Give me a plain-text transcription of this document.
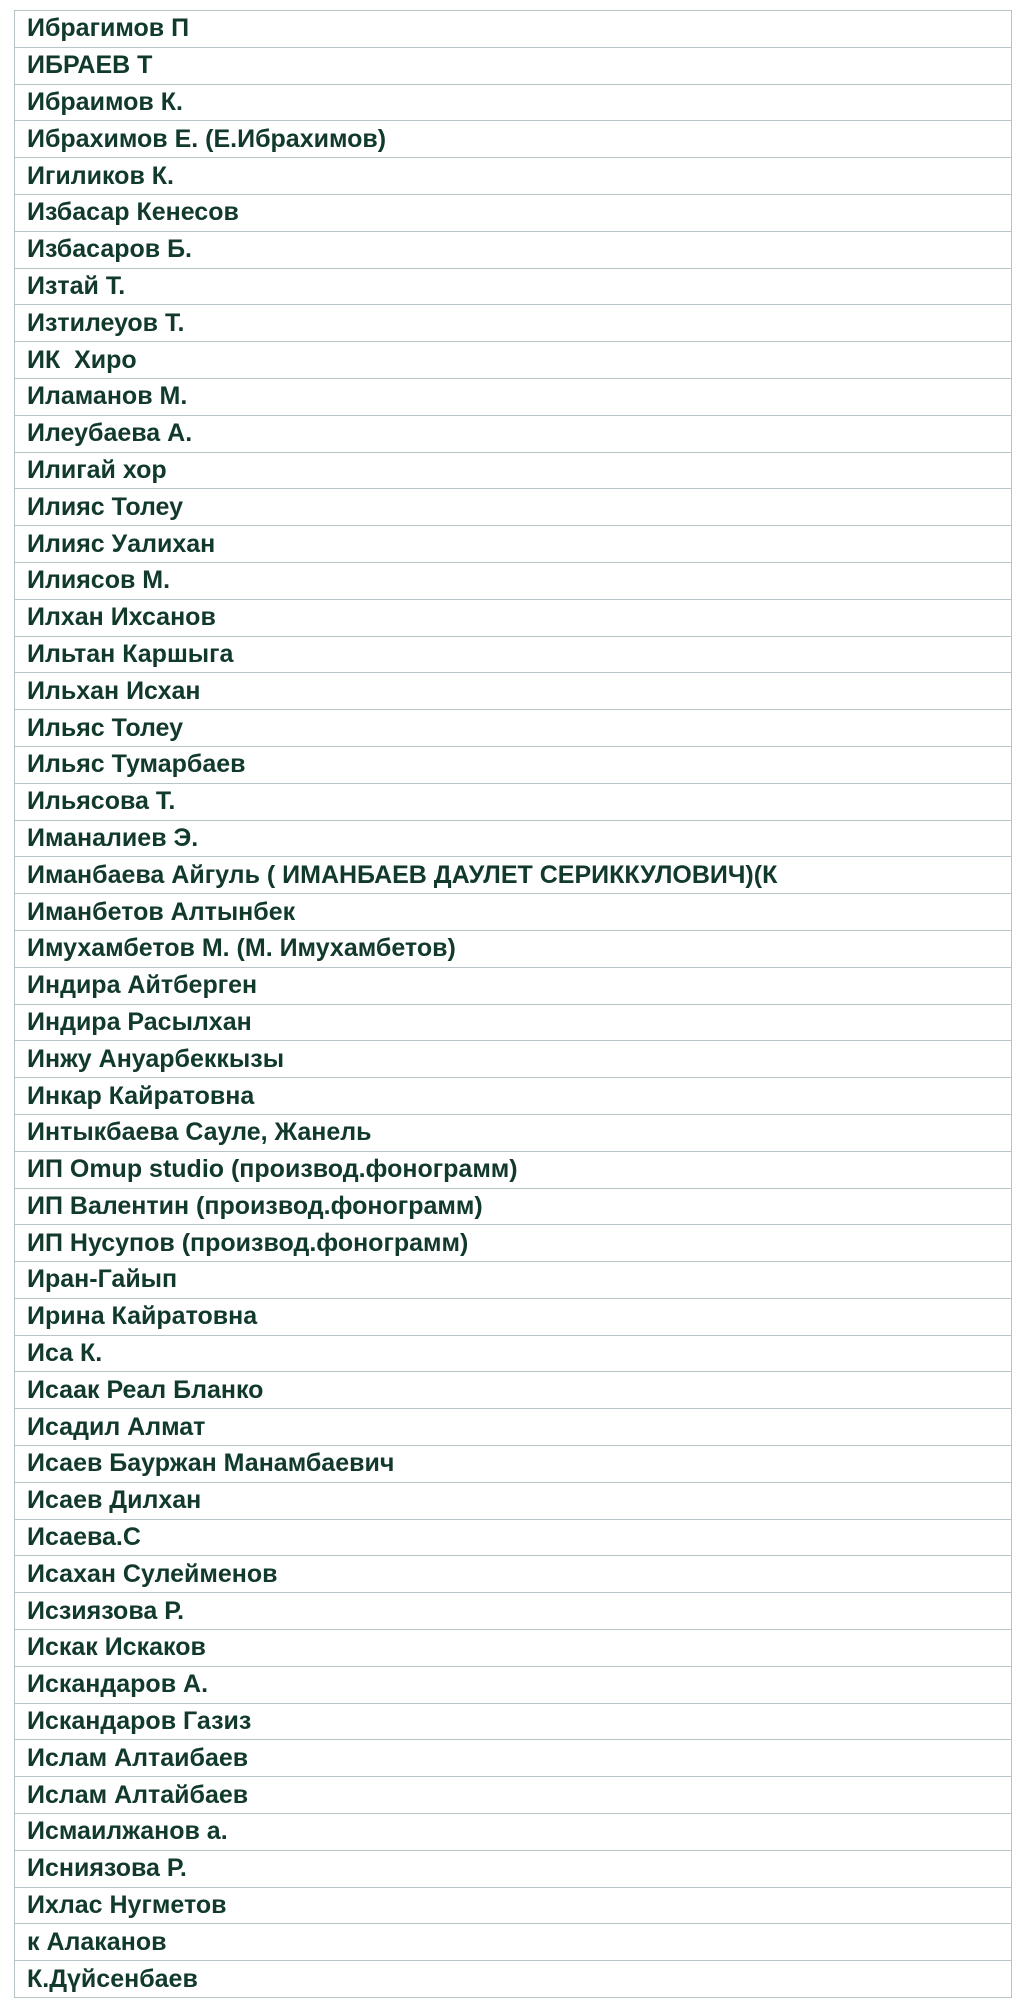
Ибрагимов П
ИБРАЕВ Т
Ибраимов К.
Ибрахимов Е. (Е.Ибрахимов)
Игиликов К.
Избасар Кенесов
Избасаров Б.
Изтай Т.
Изтилеуов Т.
ИК  Хиро
Иламанов М.
Илеубаева А.
Илигай хор
Илияс Толеу
Илияс Уалихан
Илиясов М.
Илхан Ихсанов
Ильтан Каршыга
Ильхан Исхан
Ильяс Толеу
Ильяс Тумарбаев
Ильясова Т.
Иманалиев Э.
Иманбаева Айгуль ( ИМАНБАЕВ ДАУЛЕТ СЕРИККУЛОВИЧ)(К
Иманбетов Алтынбек
Имухамбетов М. (М. Имухамбетов)
Индира Айтберген
Индира Расылхан
Инжу Ануарбеккызы
Инкар Кайратовна
Интыкбаева Сауле, Жанель
ИП Omup studio (производ.фонограмм)
ИП Валентин (производ.фонограмм)
ИП Нусупов (производ.фонограмм)
Иран-Гайып
Ирина Кайратовна
Иса К.
Исаак Реал Бланко
Исадил Алмат
Исаев Бауржан Манамбаевич
Исаев Дилхан
Исаева.С
Исахан Сулейменов
Исзиязова Р.
Искак Искаков
Искандаров А.
Искандаров Газиз
Ислам Алтаибаев
Ислам Алтайбаев
Исмаилжанов а.
Исниязова Р.
Ихлас Нугметов
к Алаканов
К.Дүйсенбаев
